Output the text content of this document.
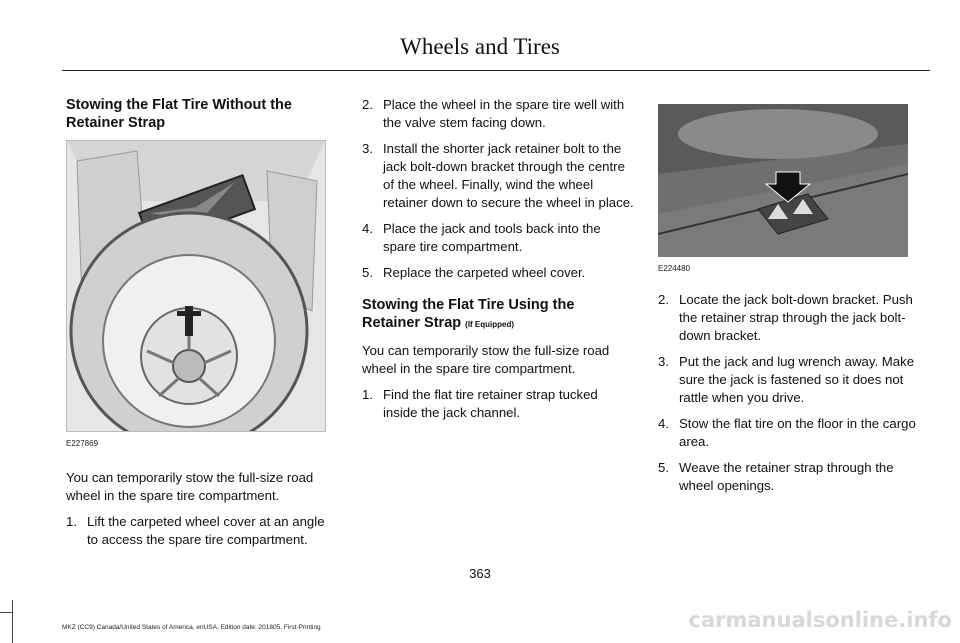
Wheels and Tires
Stowing the Flat Tire Without the Retainer Strap
E227869

You can temporarily stow the full-size road wheel in the spare tire compartment.

1. Lift the carpeted wheel cover at an angle to access the spare tire compartment.
2. Place the wheel in the spare tire well with the valve stem facing down.
3. Install the shorter jack retainer bolt to the jack bolt-down bracket through the centre of the wheel. Finally, wind the wheel retainer down to secure the wheel in place.
4. Place the jack and tools back into the spare tire compartment.
5. Replace the carpeted wheel cover.
Stowing the Flat Tire Using the Retainer Strap (If Equipped)

You can temporarily stow the full-size road wheel in the spare tire compartment.

1. Find the flat tire retainer strap tucked inside the jack channel.
E224480
2. Locate the jack bolt-down bracket. Push the retainer strap through the jack bolt-down bracket.
3. Put the jack and lug wrench away. Make sure the jack is fastened so it does not rattle when you drive.
4. Stow the flat tire on the floor in the cargo area.
5. Weave the retainer strap through the wheel openings.
363
MKZ (CC9) Canada/United States of America, enUSA, Edition date: 201805, First-Printing	carmanualsonline.info
